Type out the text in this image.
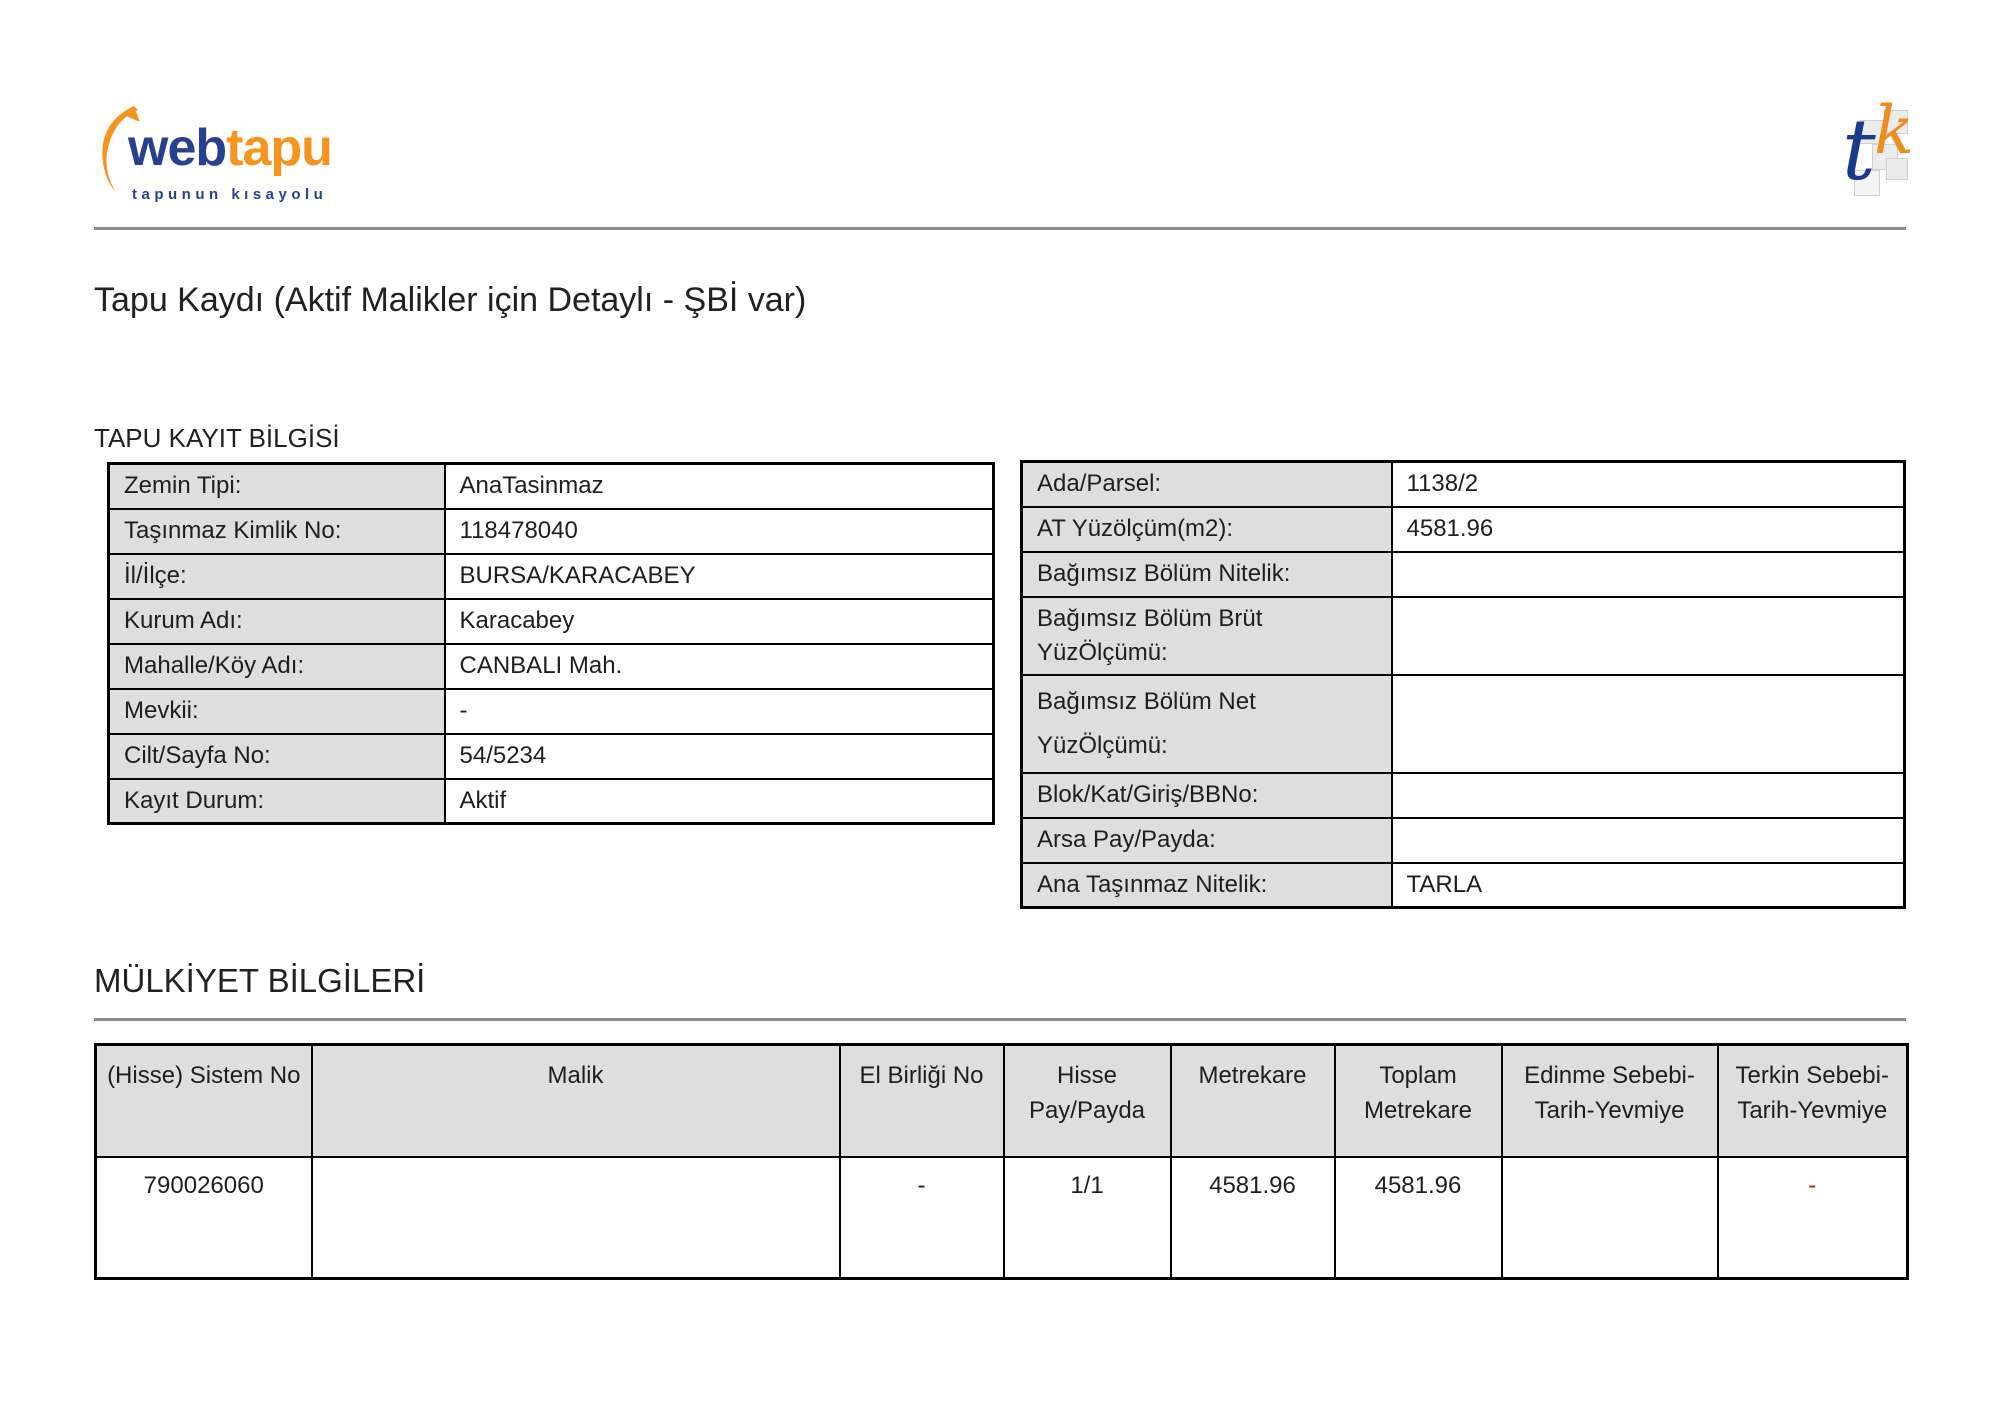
webtapu
tapunun kısayolu	t
k
Tapu Kaydı (Aktif Malikler için Detaylı - ŞBİ var)
TAPU KAYIT BİLGİSİ
Zemin Tipi:	AnaTasinmaz
Taşınmaz Kimlik No:	118478040
İl/İlçe:	BURSA/KARACABEY
Kurum Adı:	Karacabey
Mahalle/Köy Adı:	CANBALI Mah.
Mevkii:	-
Cilt/Sayfa No:	54/5234
Kayıt Durum:	Aktif
Ada/Parsel:	1138/2
AT Yüzölçüm(m2):	4581.96
Bağımsız Bölüm Nitelik:	
Bağımsız Bölüm Brüt YüzÖlçümü:	
Bağımsız Bölüm Net YüzÖlçümü:	
Blok/Kat/Giriş/BBNo:	
Arsa Pay/Payda:	
Ana Taşınmaz Nitelik:	TARLA
MÜLKİYET BİLGİLERİ
(Hisse) Sistem No	Malik	El Birliği No	Hisse Pay/Payda	Metrekare	Toplam Metrekare	Edinme Sebebi-Tarih-Yevmiye	Terkin Sebebi-Tarih-Yevmiye
790026060		-	1/1	4581.96	4581.96		-
